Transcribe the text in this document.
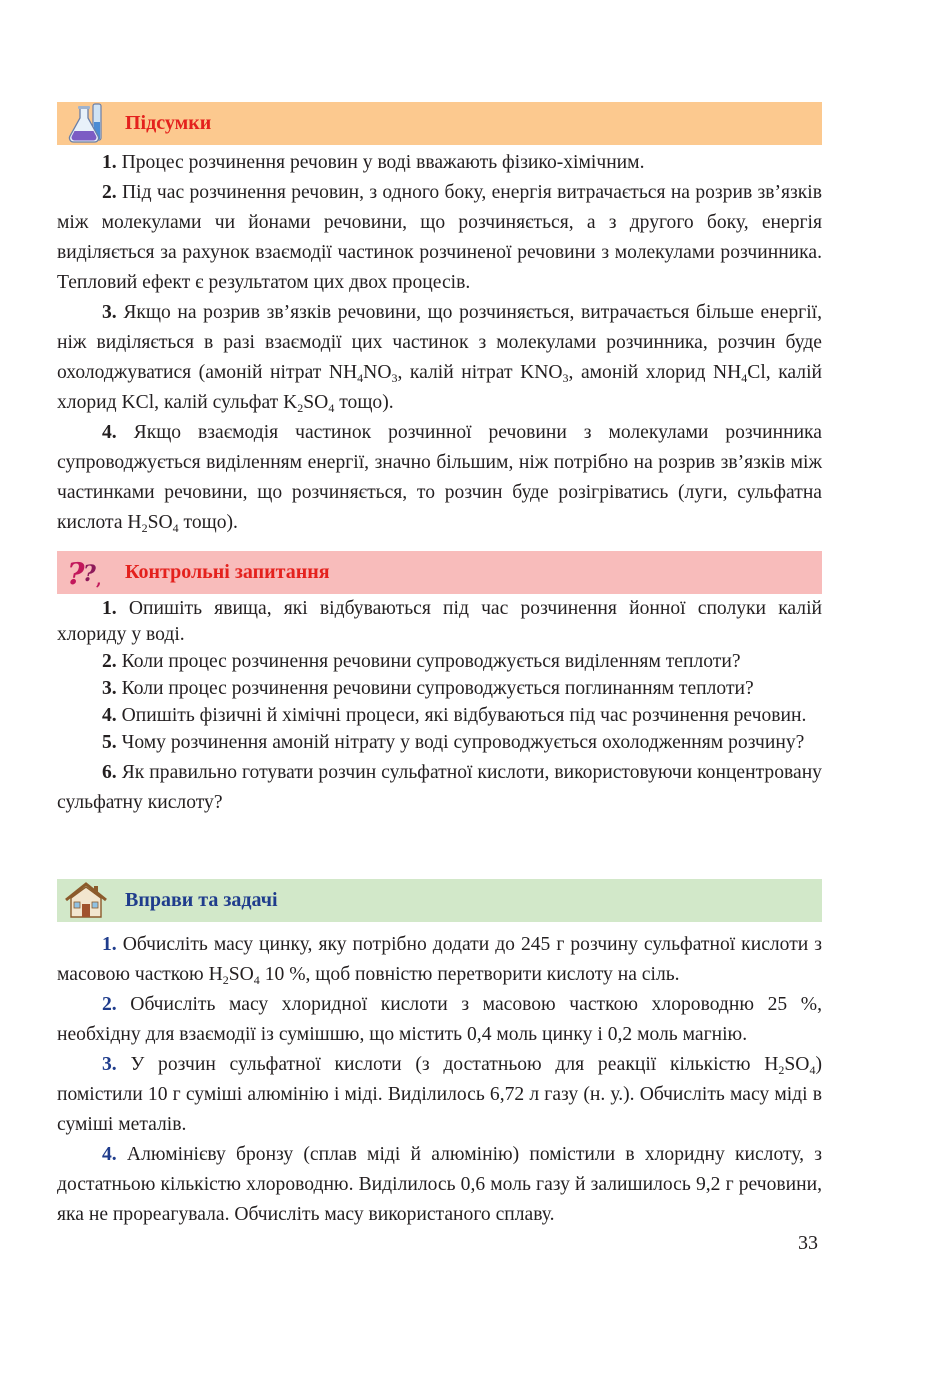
Підсумки

1. Процес розчинення речовин у воді вважають фізико-хімічним.

2. Під час розчинення речовин, з одного боку, енергія витрачається на розрив зв’язків між молекулами чи йонами речовини, що розчиняється, а з другого боку, енергія виділяється за рахунок взаємодії частинок розчиненої речовини з молекулами розчинника. Тепловий ефект є результатом цих двох процесів.

3. Якщо на розрив зв’язків речовини, що розчиняється, витрачається більше енергії, ніж виділяється в разі взаємодії цих частинок з молекулами розчинника, розчин буде охолоджуватися (амоній нітрат $NH_4NO_3$, калій нітрат $KNO_3$, амоній хлорид $NH_4Cl$, калій хлорид KCl, калій сульфат $K_2SO_4$ тощо).

4. Якщо взаємодія частинок розчинної речовини з молекулами розчинника супроводжується виділенням енергії, значно більшим, ніж потрібно на розрив зв’язків між частинками речовини, що розчиняється, то розчин буде розігріватись (луги, сульфатна кислота $H_2SO_4$ тощо).

?
? , Контрольні запитання

1. Опишіть явища, які відбуваються під час розчинення йонної сполуки калій хлориду у воді.

2. Коли процес розчинення речовини супроводжується виділенням теплоти?

3. Коли процес розчинення речовини супроводжується поглинанням теплоти?

4. Опишіть фізичні й хімічні процеси, які відбуваються під час розчинення речовин.

5. Чому розчинення амоній нітрату у воді супроводжується охолодженням розчину?

6. Як правильно готувати розчин сульфатної кислоти, використовуючи концентровану сульфатну кислоту?

Вправи та задачі

1. Обчисліть масу цинку, яку потрібно додати до 245 г розчину сульфатної кислоти з масовою часткою $H_2SO_4$ 10 %, щоб повністю перетворити кислоту на сіль.

2. Обчисліть масу хлоридної кислоти з масовою часткою хлороводню 25 %, необхідну для взаємодії із сумішшю, що містить 0,4 моль цинку і 0,2 моль магнію.

3. У розчин сульфатної кислоти (з достатньою для реакції кількістю $H_2SO_4$) помістили 10 г суміші алюмінію і міді. Виділилось 6,72 л газу (н. у.). Обчисліть масу міді в суміші металів.

4. Алюмінієву бронзу (сплав міді й алюмінію) помістили в хлоридну кислоту, з достатньою кількістю хлороводню. Виділилось 0,6 моль газу й залишилось 9,2 г речовини, яка не прореагувала. Обчисліть масу використаного сплаву.

33
